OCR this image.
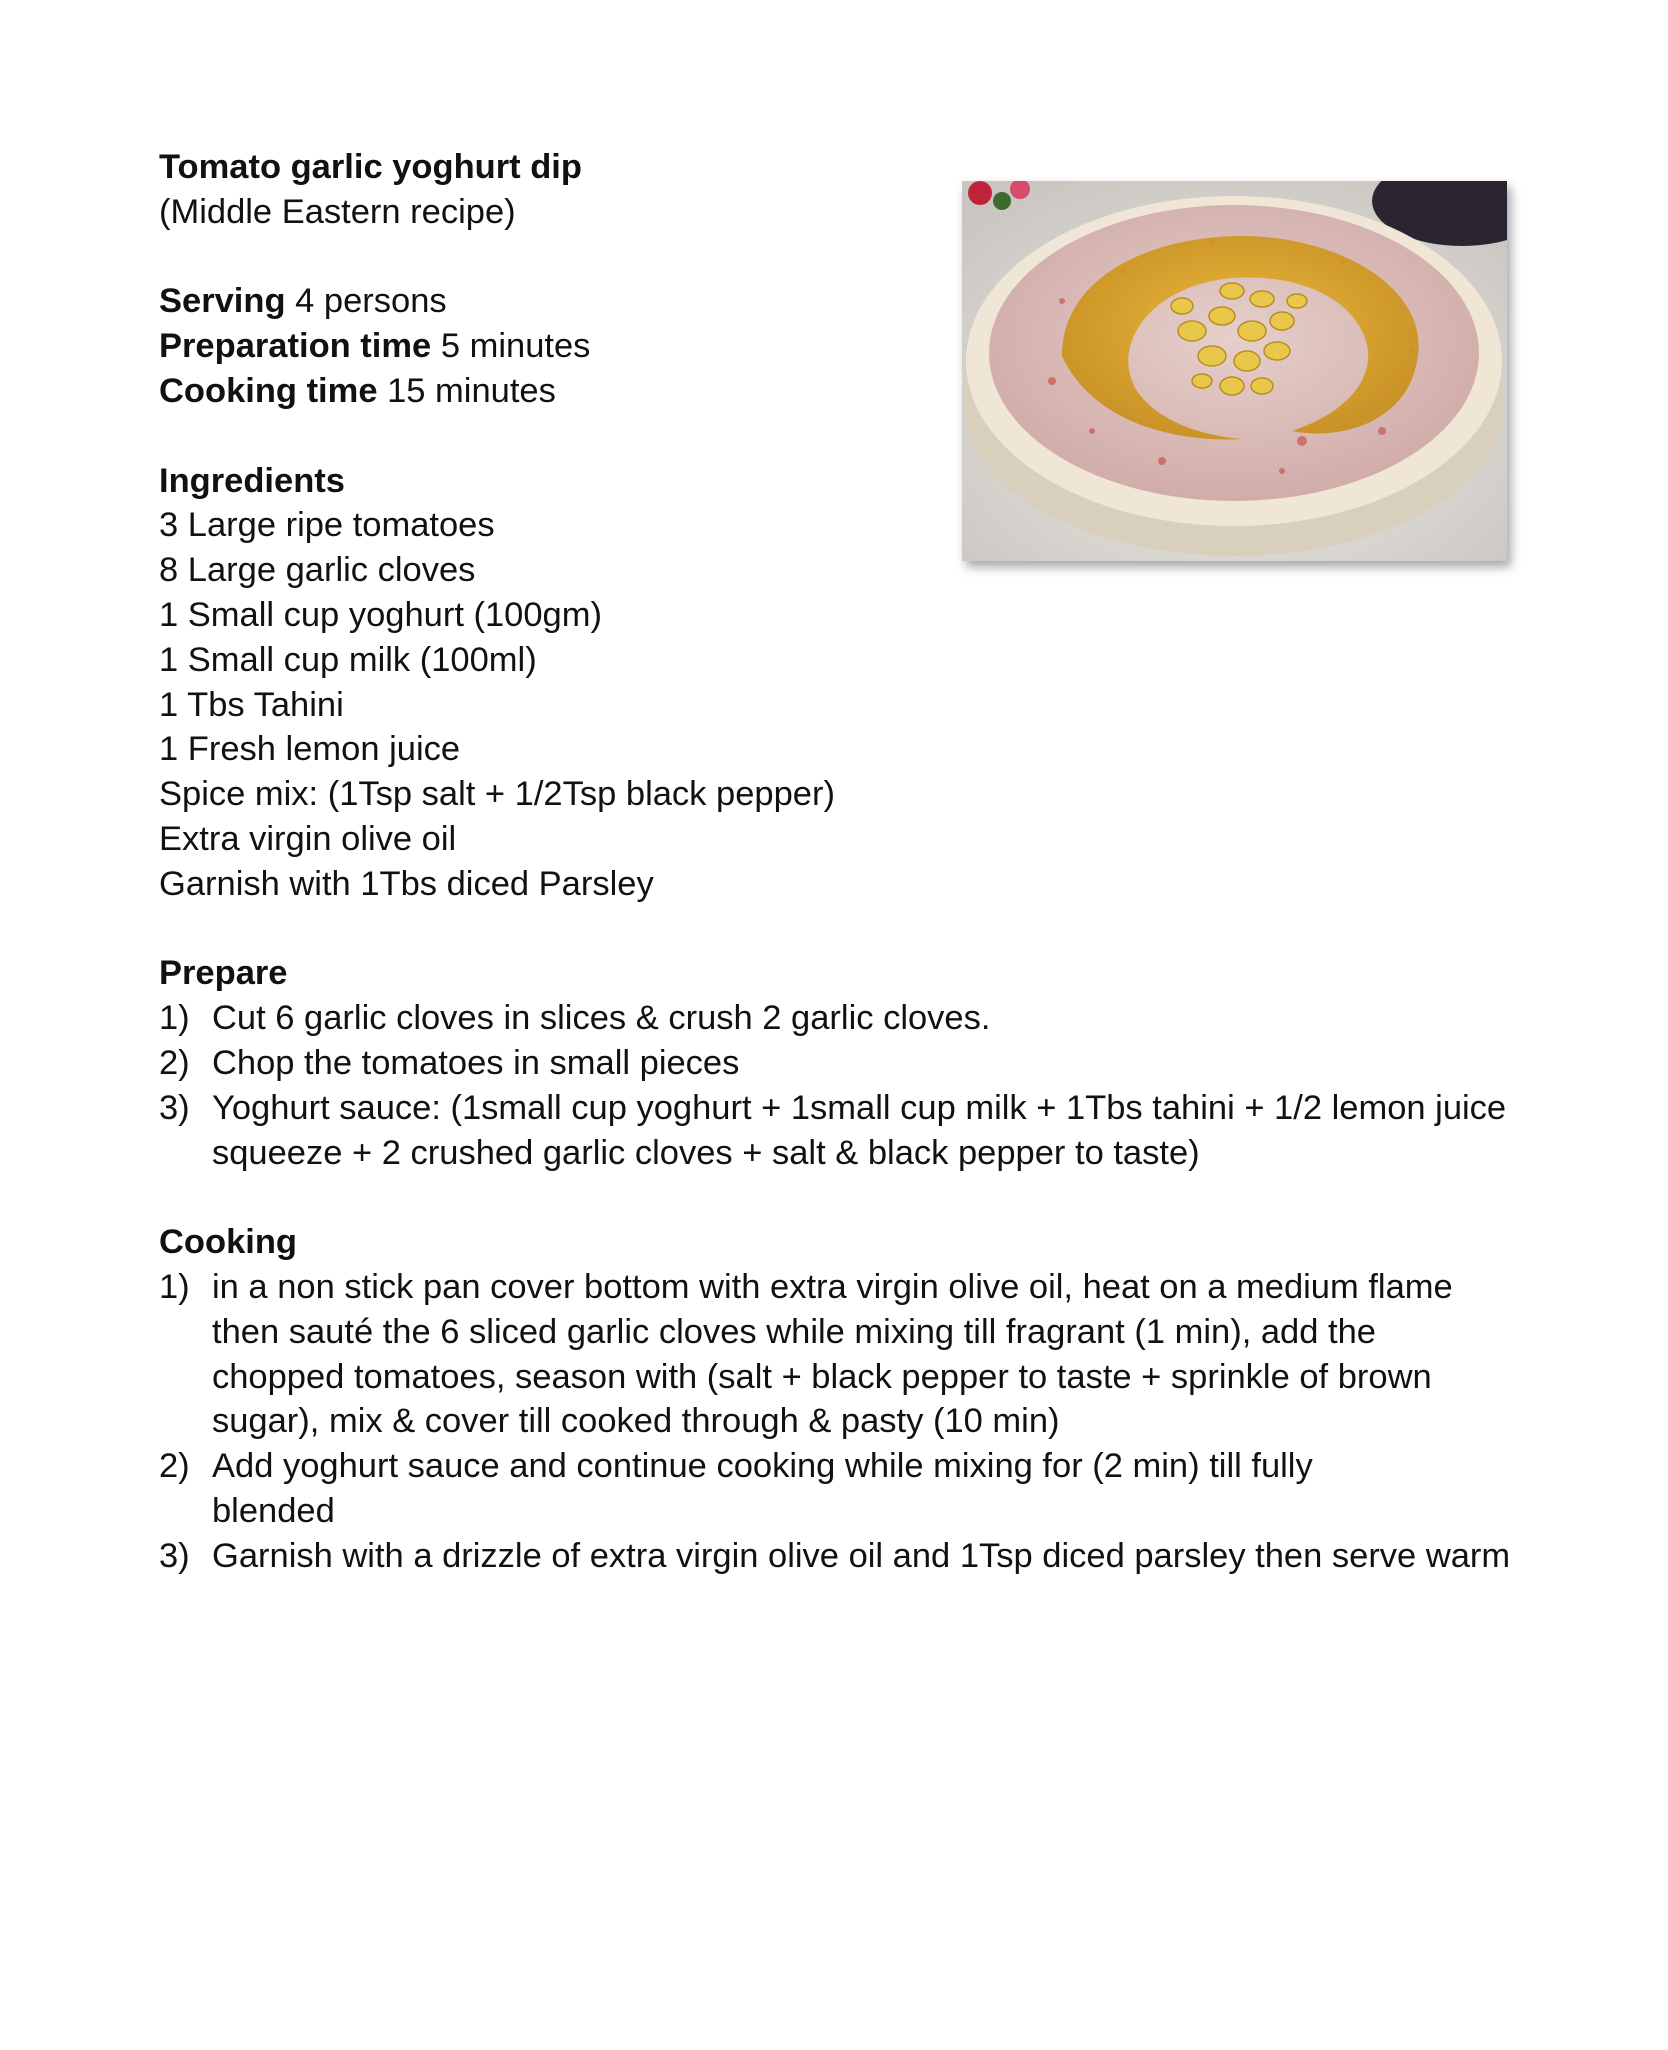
Tomato garlic yoghurt dip
(Middle Eastern recipe)
Serving 4 persons
Preparation time 5 minutes
Cooking time 15 minutes
Ingredients
3 Large ripe tomatoes
8 Large garlic cloves
1 Small cup yoghurt (100gm)
1 Small cup milk (100ml)
1 Tbs Tahini
1 Fresh lemon juice
Spice mix: (1Tsp salt + 1/2Tsp black pepper)
Extra virgin olive oil
Garnish with 1Tbs diced Parsley
Prepare
1) Cut 6 garlic cloves in slices & crush 2 garlic cloves.
2) Chop the tomatoes in small pieces
3) Yoghurt sauce: (1small cup yoghurt + 1small cup milk + 1Tbs tahini + 1/2 lemon juice squeeze + 2 crushed garlic cloves + salt & black pepper to taste)
Cooking
1) in a non stick pan cover bottom with extra virgin olive oil, heat on a medium flame then sauté the 6 sliced garlic cloves while mixing till fragrant (1 min), add the chopped tomatoes, season with (salt + black pepper to taste + sprinkle of brown sugar), mix & cover till cooked through & pasty (10 min)
2) Add yoghurt sauce and continue cooking while mixing for (2 min) till fully blended
3) Garnish with a drizzle of extra virgin olive oil and 1Tsp diced parsley then serve warm
